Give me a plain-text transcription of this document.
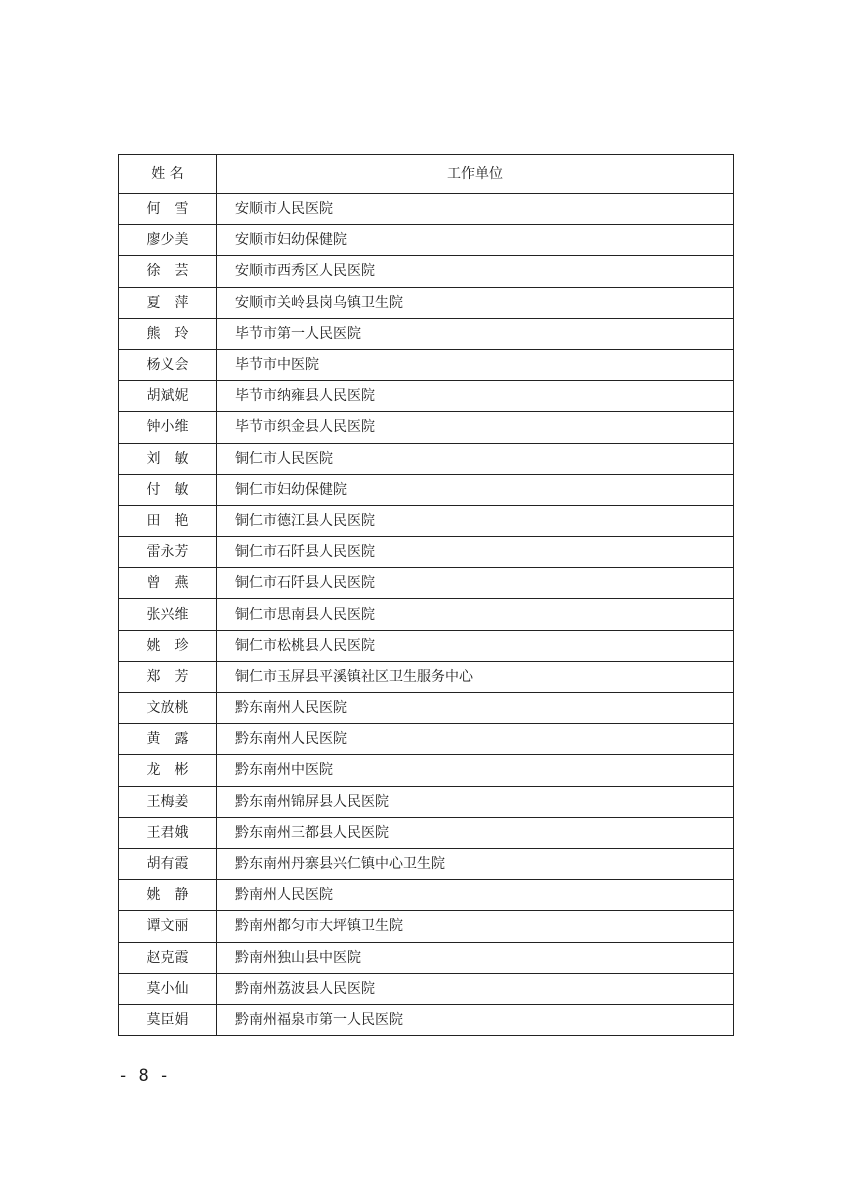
姓 名	工作单位
何　雪	安顺市人民医院
廖少美	安顺市妇幼保健院
徐　芸	安顺市西秀区人民医院
夏　萍	安顺市关岭县岗乌镇卫生院
熊　玲	毕节市第一人民医院
杨义会	毕节市中医院
胡斌妮	毕节市纳雍县人民医院
钟小维	毕节市织金县人民医院
刘　敏	铜仁市人民医院
付　敏	铜仁市妇幼保健院
田　艳	铜仁市德江县人民医院
雷永芳	铜仁市石阡县人民医院
曾　燕	铜仁市石阡县人民医院
张兴维	铜仁市思南县人民医院
姚　珍	铜仁市松桃县人民医院
郑　芳	铜仁市玉屏县平溪镇社区卫生服务中心
文放桃	黔东南州人民医院
黄　露	黔东南州人民医院
龙　彬	黔东南州中医院
王梅姜	黔东南州锦屏县人民医院
王君娥	黔东南州三都县人民医院
胡有霞	黔东南州丹寨县兴仁镇中心卫生院
姚　静	黔南州人民医院
谭文丽	黔南州都匀市大坪镇卫生院
赵克霞	黔南州独山县中医院
莫小仙	黔南州荔波县人民医院
莫臣娟	黔南州福泉市第一人民医院
- 8 -
